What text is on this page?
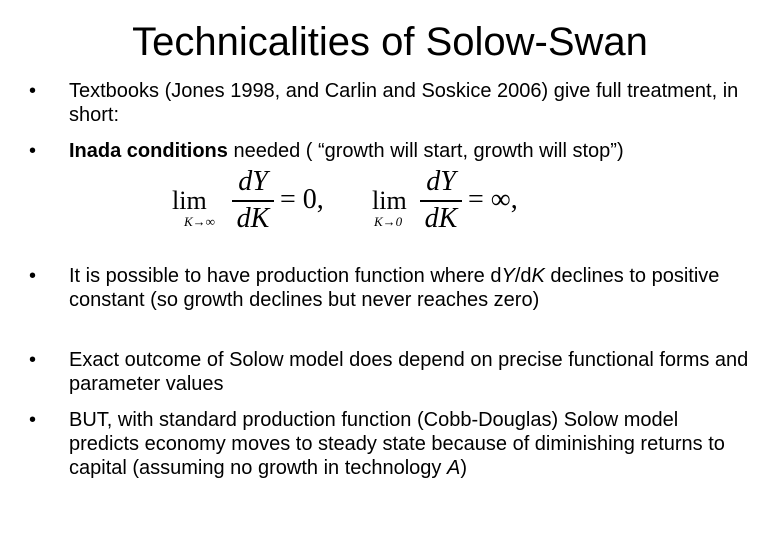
Technicalities of Solow-Swan
•	Textbooks (Jones 1998, and Carlin and Soskice 2006) give full treatment, in short:
•	Inada conditions needed ( “growth will start, growth will stop”)
lim
K→∞
dY
dK
= 0, lim
K→0
dY
dK
= ∞,
•	It is possible to have production function where dY/dK declines to positive constant (so growth declines but never reaches zero)
•	Exact outcome of Solow model does depend on precise functional forms and parameter values
•	BUT, with standard production function (Cobb-Douglas) Solow model predicts economy moves to steady state because of diminishing returns to capital (assuming no growth in technology A)
